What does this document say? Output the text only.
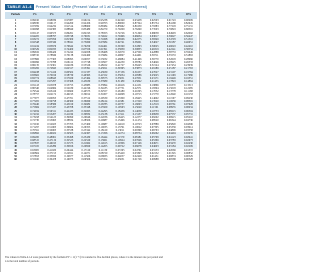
TABLE A1-4	Present Value Table (Present Value of 1 at Compound Interest)
Periods	1%	2%	3%	4%	5%	6%	7%	8%	9%	10%
1	0.99010	0.98039	0.97087	0.96154	0.95238	0.94340	0.93458	0.92593	0.91743	0.90909
2	0.98030	0.96117	0.94260	0.92456	0.90703	0.89000	0.87344	0.85734	0.84168	0.82645
3	0.97059	0.94232	0.91514	0.88900	0.86384	0.83962	0.81630	0.79383	0.77218	0.75131
4	0.96098	0.92385	0.88849	0.85480	0.82270	0.79209	0.76290	0.73503	0.70843	0.68301
5	0.95147	0.90573	0.86261	0.82193	0.78353	0.74726	0.71299	0.68058	0.64993	0.62092
6	0.94205	0.88797	0.83748	0.79031	0.74622	0.70496	0.66634	0.63017	0.59627	0.56447
7	0.93272	0.87056	0.81309	0.75992	0.71068	0.66506	0.62275	0.58349	0.54703	0.51316
8	0.92348	0.85349	0.78941	0.73069	0.67684	0.62741	0.58201	0.54027	0.50187	0.46651
9	0.91434	0.83676	0.76642	0.70259	0.64461	0.59190	0.54393	0.50025	0.46043	0.42410
10	0.90529	0.82035	0.74409	0.67556	0.61391	0.55839	0.50835	0.46319	0.42241	0.38554
11	0.89632	0.80426	0.72242	0.64958	0.58468	0.52679	0.47509	0.42888	0.38753	0.35049
12	0.88745	0.78849	0.70138	0.62460	0.55684	0.49697	0.44401	0.39711	0.35553	0.31863
13	0.87866	0.77303	0.68095	0.60057	0.53032	0.46884	0.41496	0.36770	0.32618	0.28966
14	0.86996	0.75788	0.66112	0.57748	0.50507	0.44230	0.38782	0.34046	0.29925	0.26333
15	0.86135	0.74301	0.64186	0.55526	0.48102	0.41727	0.36245	0.31524	0.27454	0.23939
16	0.85282	0.72845	0.62317	0.53391	0.45811	0.39365	0.33873	0.29189	0.25187	0.21763
17	0.84438	0.71416	0.60502	0.51337	0.43630	0.37136	0.31657	0.27027	0.23107	0.19784
18	0.83602	0.70016	0.58739	0.49363	0.41552	0.35034	0.29586	0.25025	0.21199	0.17986
19	0.82774	0.68643	0.57029	0.47464	0.39573	0.33051	0.27651	0.23171	0.19449	0.16351
20	0.81954	0.67297	0.55368	0.45639	0.37689	0.31180	0.25842	0.21455	0.17843	0.14864
21	0.81143	0.65978	0.53755	0.43883	0.35894	0.29416	0.24151	0.19866	0.16370	0.13513
22	0.80340	0.64684	0.52189	0.42196	0.34185	0.27751	0.22571	0.18394	0.15018	0.12285
23	0.79544	0.63416	0.50669	0.40573	0.32557	0.26180	0.21095	0.17032	0.13778	0.11168
24	0.78757	0.62172	0.49193	0.39012	0.31007	0.24698	0.19715	0.15770	0.12640	0.10153
25	0.77977	0.60953	0.47761	0.37512	0.29530	0.23300	0.18425	0.14602	0.11597	0.09230
26	0.77205	0.59758	0.46369	0.36069	0.28124	0.21981	0.17220	0.13520	0.10639	0.08391
27	0.76440	0.58586	0.45019	0.34682	0.26785	0.20737	0.16093	0.12519	0.09761	0.07628
28	0.75684	0.57437	0.43708	0.33348	0.25509	0.19563	0.15040	0.11591	0.08955	0.06934
29	0.74934	0.56311	0.42435	0.32065	0.24295	0.18456	0.14056	0.10733	0.08215	0.06304
30	0.74192	0.55207	0.41199	0.30832	0.23138	0.17411	0.13137	0.09938	0.07537	0.05731
31	0.73458	0.54125	0.39999	0.29646	0.22036	0.16425	0.12277	0.09202	0.06915	0.05210
32	0.72730	0.53063	0.38834	0.28506	0.20987	0.15496	0.11474	0.08520	0.06344	0.04736
33	0.72010	0.52023	0.37703	0.27409	0.19987	0.14619	0.10723	0.07889	0.05820	0.04306
34	0.71297	0.51003	0.36604	0.26355	0.19035	0.13791	0.10022	0.07305	0.05339	0.03914
35	0.70591	0.50003	0.35538	0.25342	0.18129	0.13011	0.09366	0.06763	0.04899	0.03558
36	0.69892	0.49022	0.34503	0.24367	0.17266	0.12274	0.08754	0.06262	0.04494	0.03235
37	0.69200	0.48061	0.33498	0.23430	0.16444	0.11579	0.08181	0.05799	0.04123	0.02941
38	0.68515	0.47119	0.32523	0.22529	0.15661	0.10924	0.07646	0.05369	0.03783	0.02673
39	0.67837	0.46195	0.31575	0.21662	0.14915	0.10306	0.07146	0.04971	0.03470	0.02430
40	0.67165	0.45289	0.30656	0.20829	0.14205	0.09722	0.06678	0.04603	0.03184	0.02209
45	0.63905	0.41020	0.26444	0.17120	0.11130	0.07265	0.04761	0.03133	0.02069	0.01372
50	0.60804	0.37153	0.22811	0.14071	0.08720	0.05429	0.03395	0.02132	0.01345	0.00852
55	0.57853	0.33650	0.19677	0.11566	0.06833	0.04057	0.02420	0.01451	0.00874	0.00529
60	0.55045	0.30478	0.16973	0.09506	0.05354	0.03031	0.01726	0.00988	0.00568	0.00328
The values in Table A1-4 were generated by the formula PV = 1/(1 + i)^n rounded to five decimal places, where i is the interest rate per period and
n is the total number of periods.
